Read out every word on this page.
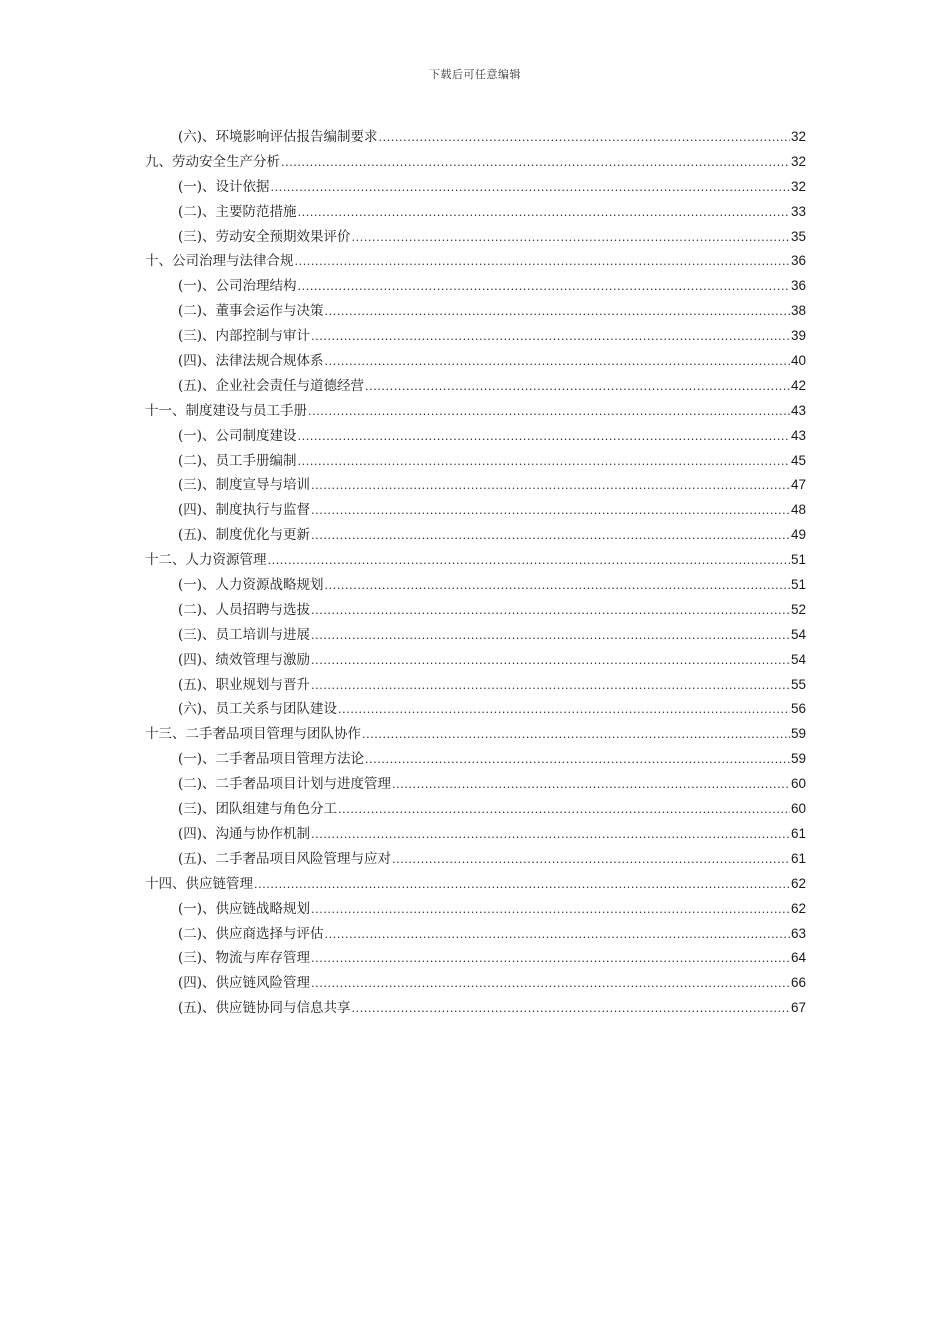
下载后可任意编辑
(六)、环境影响评估报告编制要求 .....	32
九、劳动安全生产分析 .....	32
(一)、设计依据 .....	32
(二)、主要防范措施 .....	33
(三)、劳动安全预期效果评价 .....	35
十、公司治理与法律合规 .....	36
(一)、公司治理结构 .....	36
(二)、董事会运作与决策 .....	38
(三)、内部控制与审计 .....	39
(四)、法律法规合规体系 .....	40
(五)、企业社会责任与道德经营 .....	42
十一、制度建设与员工手册 .....	43
(一)、公司制度建设 .....	43
(二)、员工手册编制 .....	45
(三)、制度宣导与培训 .....	47
(四)、制度执行与监督 .....	48
(五)、制度优化与更新 .....	49
十二、人力资源管理 .....	51
(一)、人力资源战略规划 .....	51
(二)、人员招聘与选拔 .....	52
(三)、员工培训与进展 .....	54
(四)、绩效管理与激励 .....	54
(五)、职业规划与晋升 .....	55
(六)、员工关系与团队建设 .....	56
十三、二手奢品项目管理与团队协作 .....	59
(一)、二手奢品项目管理方法论 .....	59
(二)、二手奢品项目计划与进度管理 .....	60
(三)、团队组建与角色分工 .....	60
(四)、沟通与协作机制 .....	61
(五)、二手奢品项目风险管理与应对 .....	61
十四、供应链管理 .....	62
(一)、供应链战略规划 .....	62
(二)、供应商选择与评估 .....	63
(三)、物流与库存管理 .....	64
(四)、供应链风险管理 .....	66
(五)、供应链协同与信息共享 .....	67
